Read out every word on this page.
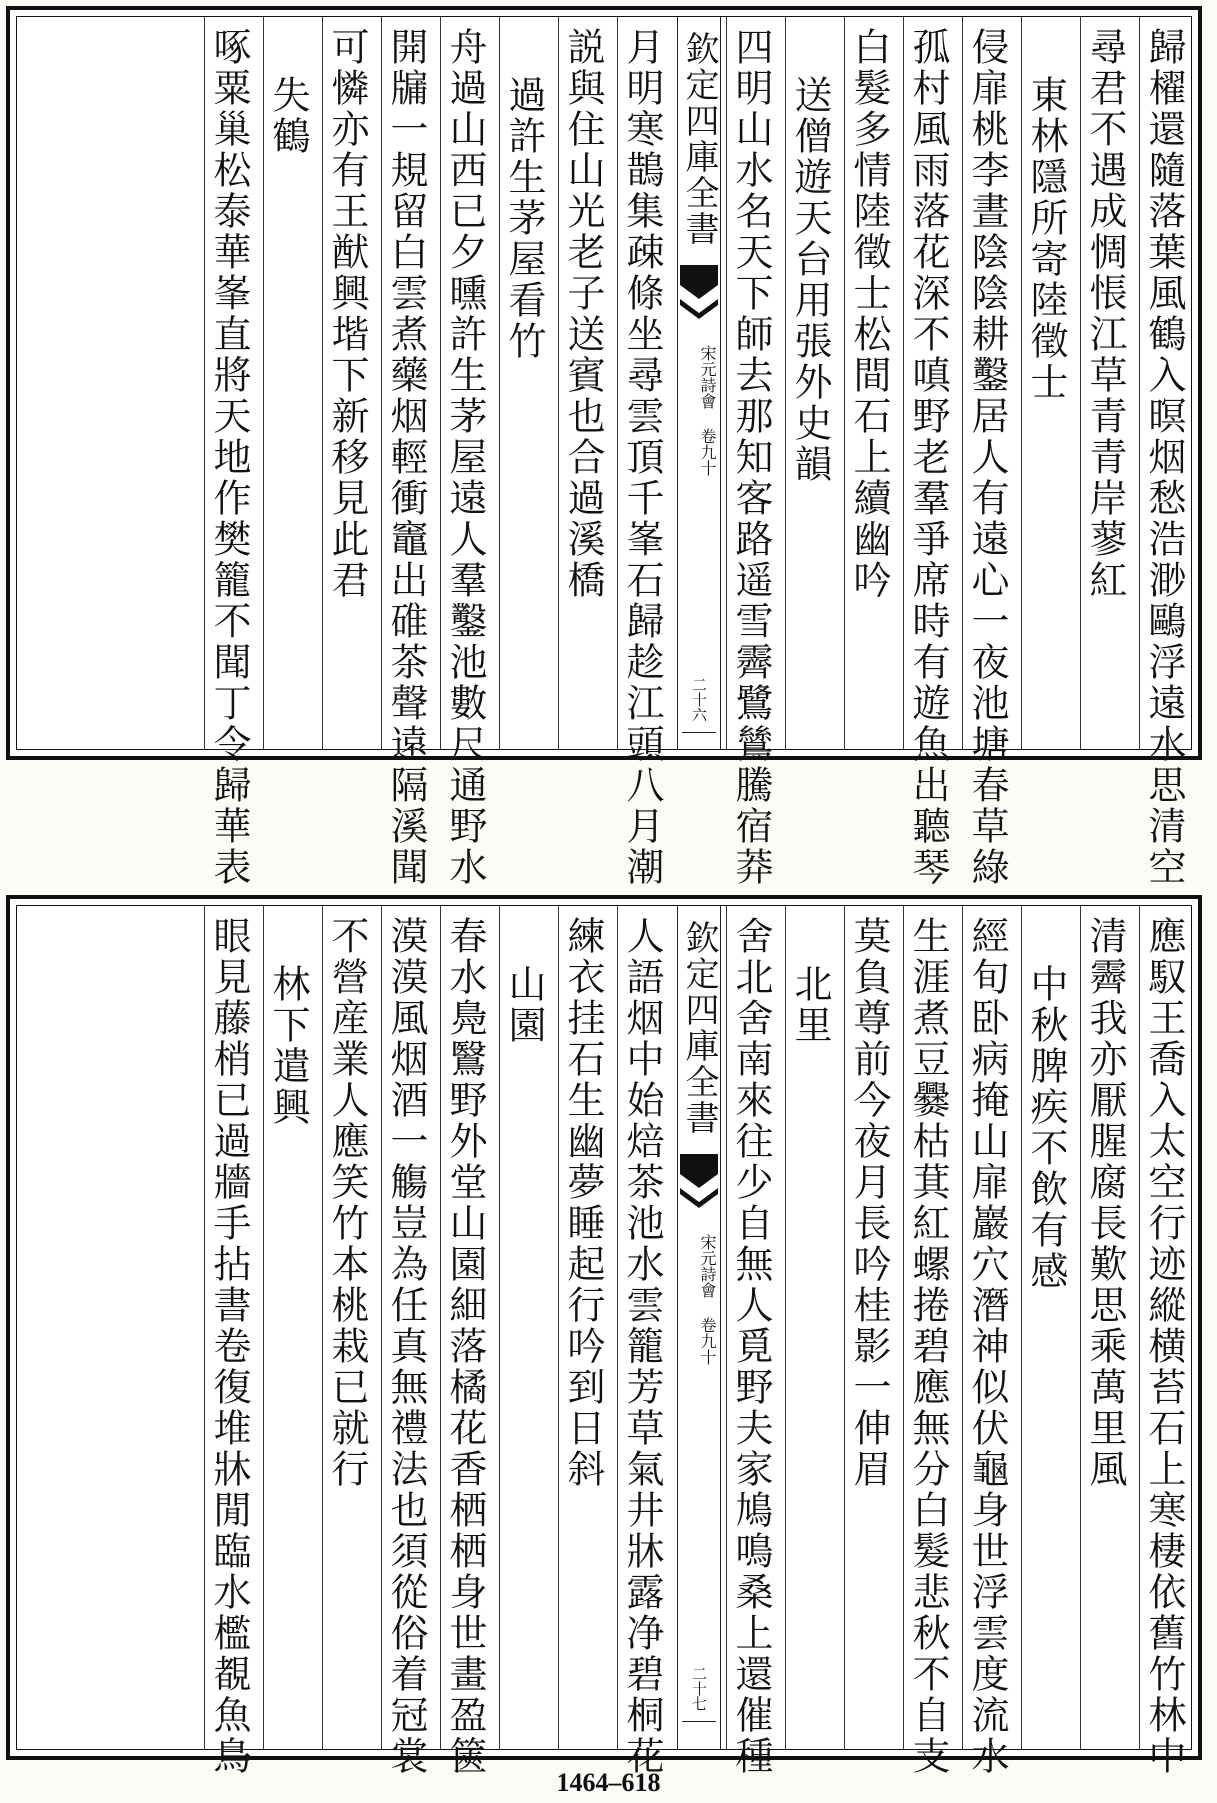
歸櫂還隨落葉風鶴入暝烟愁浩渺鷗浮遠水思清空
尋君不遇成惆悵江草青青岸蓼紅
東林隱所寄陸徵士
侵扉桃李晝陰陰耕鑿居人有遠心一夜池塘春草綠
孤村風雨落花深不嗔野老羣爭席時有遊魚出聽琴
白髮多情陸徵士松間石上續幽吟
送僧遊天台用張外史韻
四明山水名天下師去那知客路遥雪霽鷺鷥騰宿莽
欽定四庫全書
宋元詩會 卷九十
二十六
月明寒鵲集疎條坐尋雲頂千峯石歸趁江頭八月潮
説與住山光老子送賓也合過溪橋
過許生茅屋看竹
舟過山西已夕曛許生茅屋遠人羣鑿池數尺通野水
開牖一規留白雲煮藥烟輕衝竈出碓茶聲遠隔溪聞
可憐亦有王猷興堦下新移見此君
失鶴
啄粟巢松泰華峯直將天地作樊籠不聞丁令歸華表
應馭王喬入太空行迹縱横苔石上寒棲依舊竹林中
清霽我亦厭腥腐長歎思乘萬里風
中秋脾疾不飲有感
經旬卧病掩山扉巖穴潛神似伏龜身世浮雲度流水
生涯煮豆爨枯萁紅螺捲碧應無分白髮悲秋不自支
莫負尊前今夜月長吟桂影一伸眉
北里
舍北舍南來往少自無人覓野夫家鳩鳴桑上還催種
欽定四庫全書
宋元詩會 卷九十
二十七
人語烟中始焙茶池水雲籠芳草氣井牀露净碧桐花
練衣挂石生幽夢睡起行吟到日斜
山園
春水鳧鷖野外堂山園細落橘花香栖栖身世畫盈篋
漠漠風烟酒一觴豈為任真無禮法也須從俗着冠裳
不營産業人應笑竹本桃栽已就行
林下遣興
眼見藤梢已過牆手拈書卷復堆牀閒臨水檻覩魚鳥
1464–618
